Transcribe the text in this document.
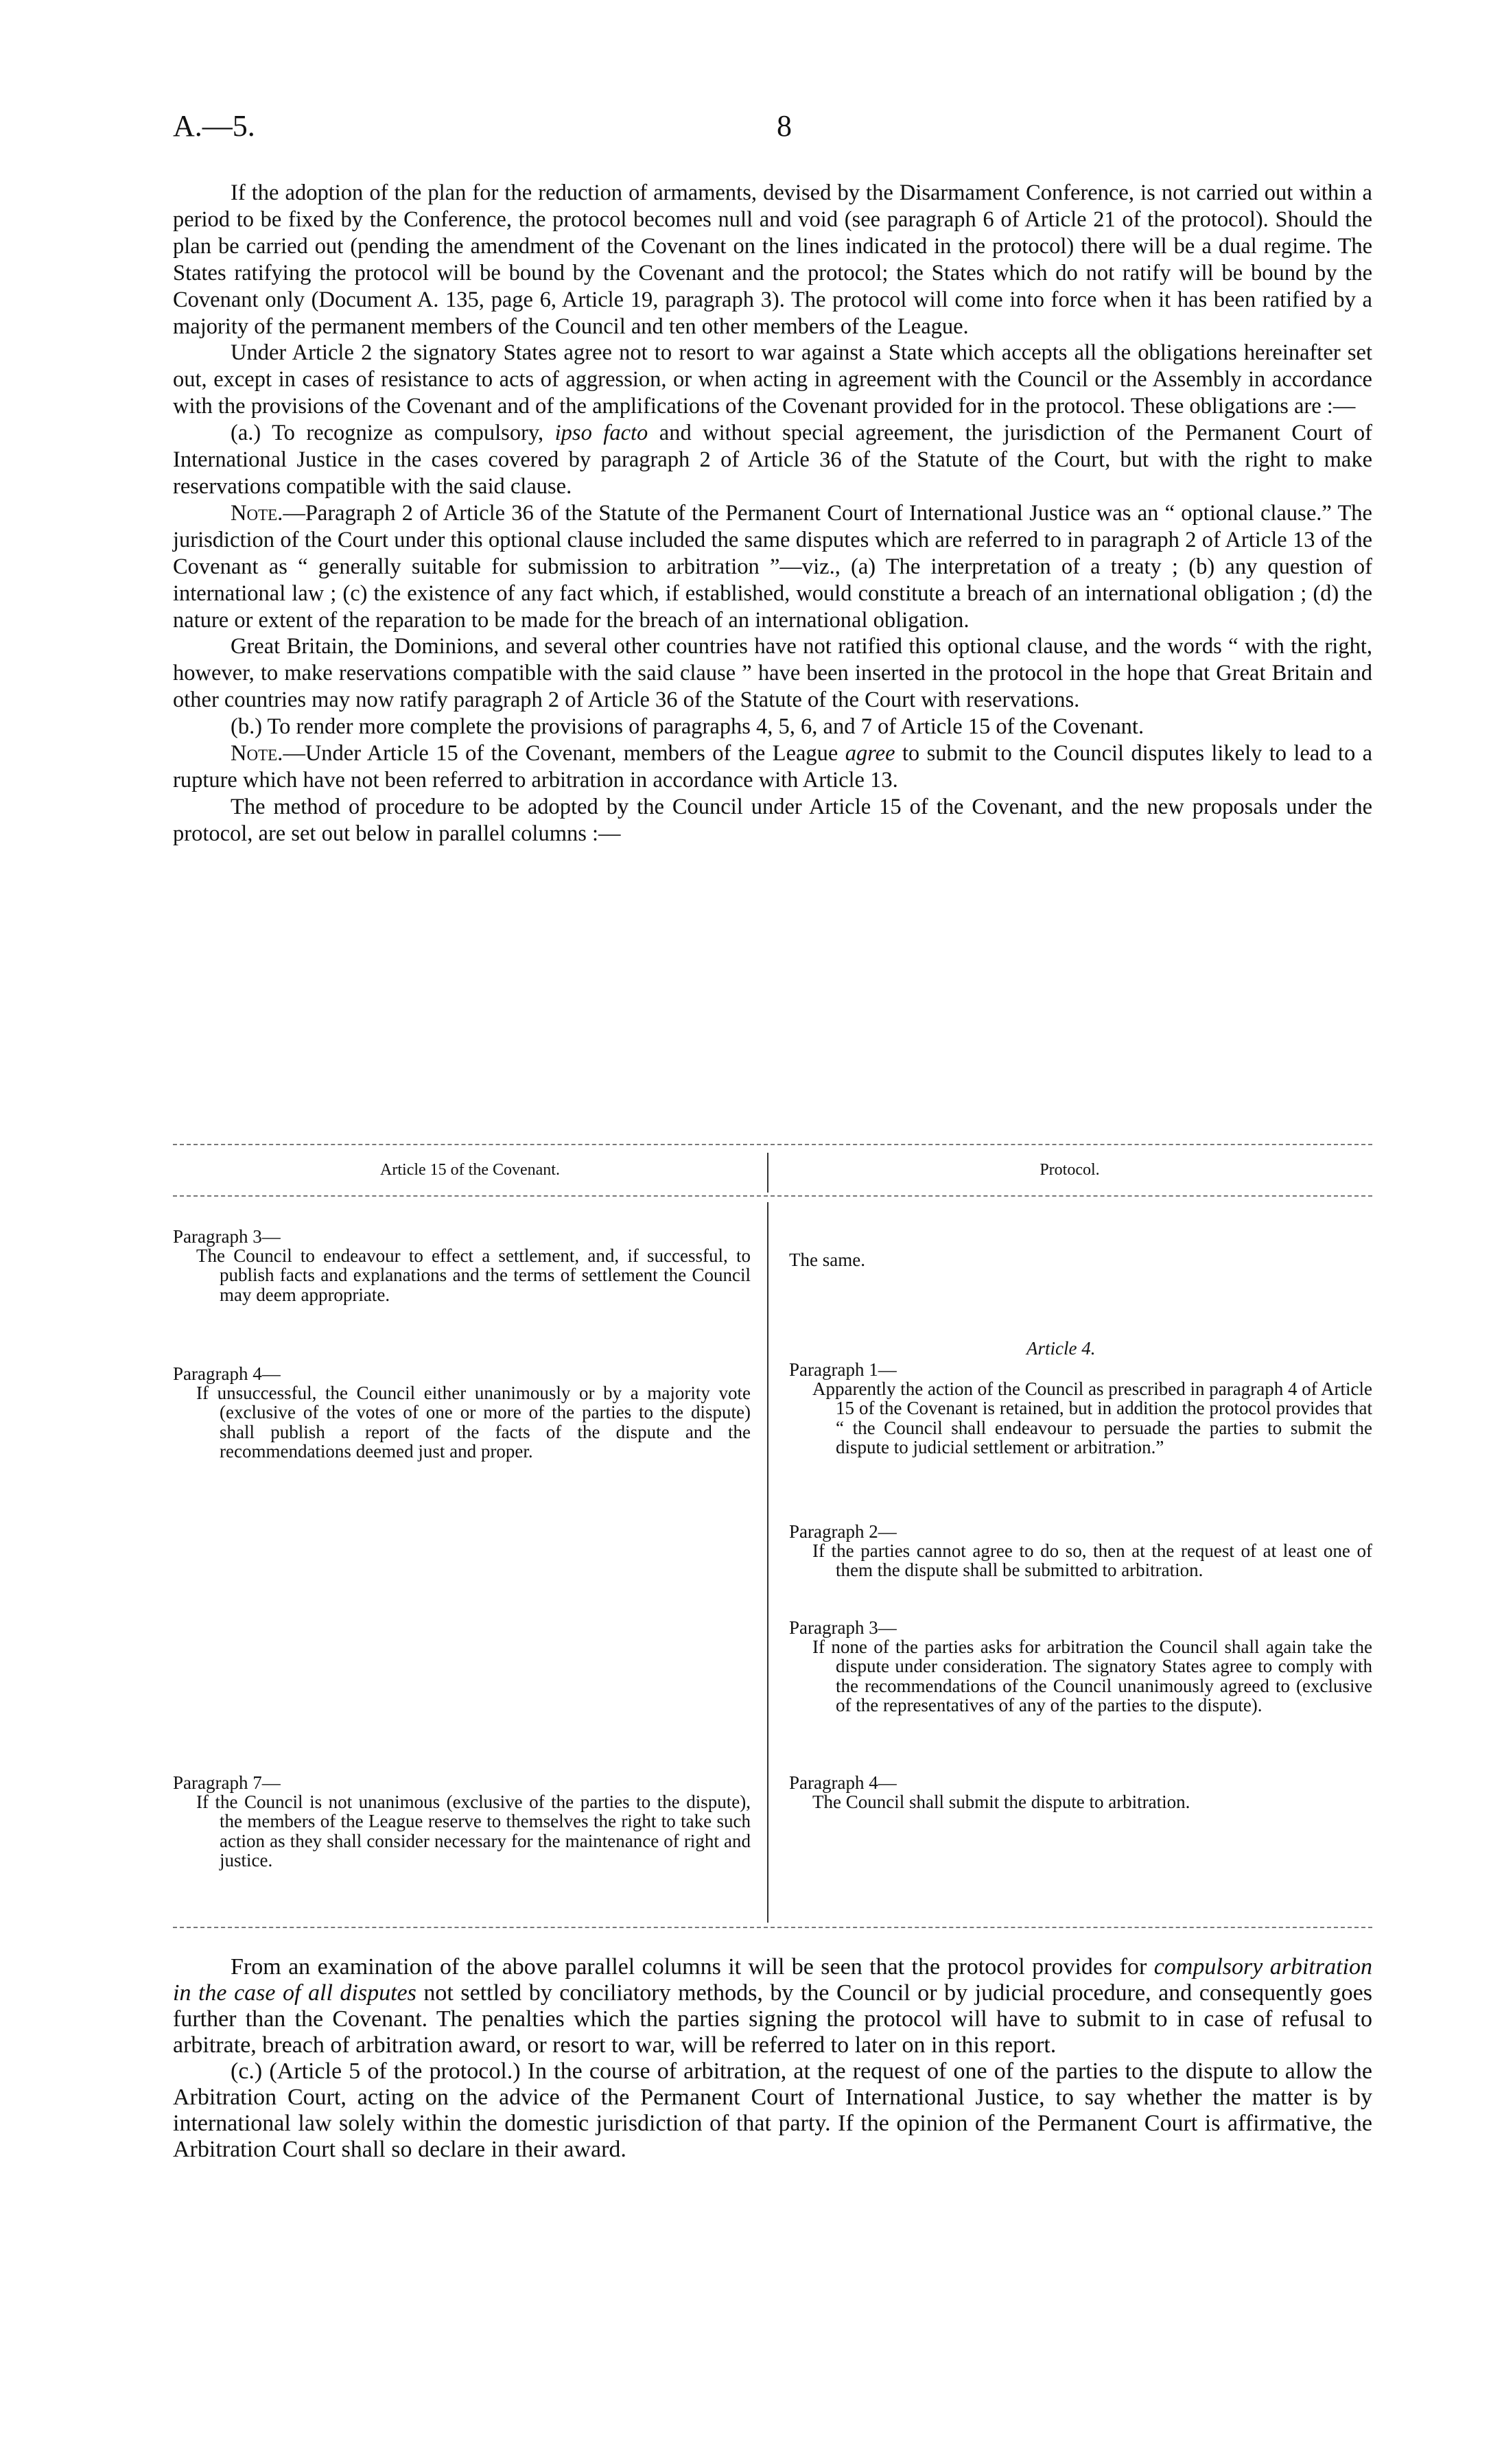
A.—5.	8

If the adoption of the plan for the reduction of armaments, devised by the Disarmament Conference, is not carried out within a period to be fixed by the Conference, the protocol becomes null and void (see paragraph 6 of Article 21 of the protocol). Should the plan be carried out (pending the amendment of the Covenant on the lines indicated in the protocol) there will be a dual regime. The States ratifying the protocol will be bound by the Covenant and the protocol; the States which do not ratify will be bound by the Covenant only (Document A. 135, page 6, Article 19, paragraph 3). The protocol will come into force when it has been ratified by a majority of the permanent members of the Council and ten other members of the League.

Under Article 2 the signatory States agree not to resort to war against a State which accepts all the obligations hereinafter set out, except in cases of resistance to acts of aggression, or when acting in agreement with the Council or the Assembly in accordance with the provisions of the Covenant and of the amplifications of the Covenant provided for in the protocol. These obligations are :—

(a.) To recognize as compulsory, ipso facto and without special agreement, the jurisdiction of the Permanent Court of International Justice in the cases covered by paragraph 2 of Article 36 of the Statute of the Court, but with the right to make reservations compatible with the said clause.

Note.—Paragraph 2 of Article 36 of the Statute of the Permanent Court of International Justice was an “ optional clause.” The jurisdiction of the Court under this optional clause included the same disputes which are referred to in paragraph 2 of Article 13 of the Covenant as “ generally suitable for submission to arbitration ”—viz., (a) The interpretation of a treaty ; (b) any question of international law ; (c) the existence of any fact which, if established, would constitute a breach of an international obligation ; (d) the nature or extent of the reparation to be made for the breach of an international obligation.

Great Britain, the Dominions, and several other countries have not ratified this optional clause, and the words “ with the right, however, to make reservations compatible with the said clause ” have been inserted in the protocol in the hope that Great Britain and other countries may now ratify paragraph 2 of Article 36 of the Statute of the Court with reservations.

(b.) To render more complete the provisions of paragraphs 4, 5, 6, and 7 of Article 15 of the Covenant.

Note.—Under Article 15 of the Covenant, members of the League agree to submit to the Council disputes likely to lead to a rupture which have not been referred to arbitration in accordance with Article 13.

The method of procedure to be adopted by the Council under Article 15 of the Covenant, and the new proposals under the protocol, are set out below in parallel columns :—

Article 15 of the Covenant.	Protocol.
Paragraph 3—
The Council to endeavour to effect a settlement, and, if successful, to publish facts and explanations and the terms of settlement the Council may deem appropriate.
Paragraph 4—
If unsuccessful, the Council either unanimously or by a majority vote (exclusive of the votes of one or more of the parties to the dispute) shall publish a report of the facts of the dispute and the recommendations deemed just and proper.
Paragraph 7—
If the Council is not unanimous (exclusive of the parties to the dispute), the members of the League reserve to themselves the right to take such action as they shall consider necessary for the maintenance of right and justice.
The same.
Article 4.
Paragraph 1—
Apparently the action of the Council as prescribed in paragraph 4 of Article 15 of the Covenant is retained, but in addition the protocol provides that “ the Council shall endeavour to persuade the parties to submit the dispute to judicial settlement or arbitration.”
Paragraph 2—
If the parties cannot agree to do so, then at the request of at least one of them the dispute shall be submitted to arbitration.
Paragraph 3—
If none of the parties asks for arbitration the Council shall again take the dispute under consideration. The signatory States agree to comply with the recommendations of the Council unanimously agreed to (exclusive of the representatives of any of the parties to the dispute).
Paragraph 4—
The Council shall submit the dispute to arbitration.

From an examination of the above parallel columns it will be seen that the protocol provides for compulsory arbitration in the case of all disputes not settled by conciliatory methods, by the Council or by judicial procedure, and consequently goes further than the Covenant. The penalties which the parties signing the protocol will have to submit to in case of refusal to arbitrate, breach of arbitration award, or resort to war, will be referred to later on in this report.

(c.) (Article 5 of the protocol.) In the course of arbitration, at the request of one of the parties to the dispute to allow the Arbitration Court, acting on the advice of the Permanent Court of International Justice, to say whether the matter is by international law solely within the domestic jurisdiction of that party. If the opinion of the Permanent Court is affirmative, the Arbitration Court shall so declare in their award.
